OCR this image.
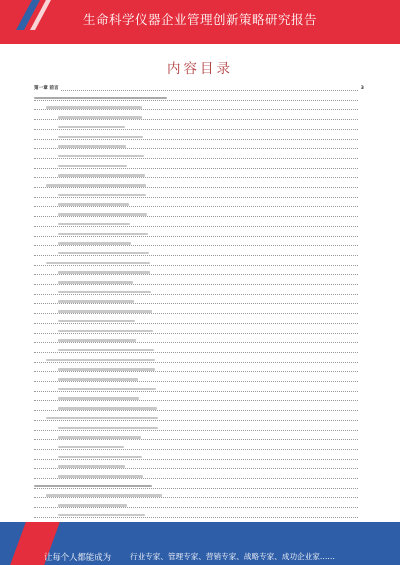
生命科学仪器企业管理创新策略研究报告
内容目录
第一章 前言	3
让每个人都能成为	行业专家、管理专家、营销专家、战略专家、成功企业家……
